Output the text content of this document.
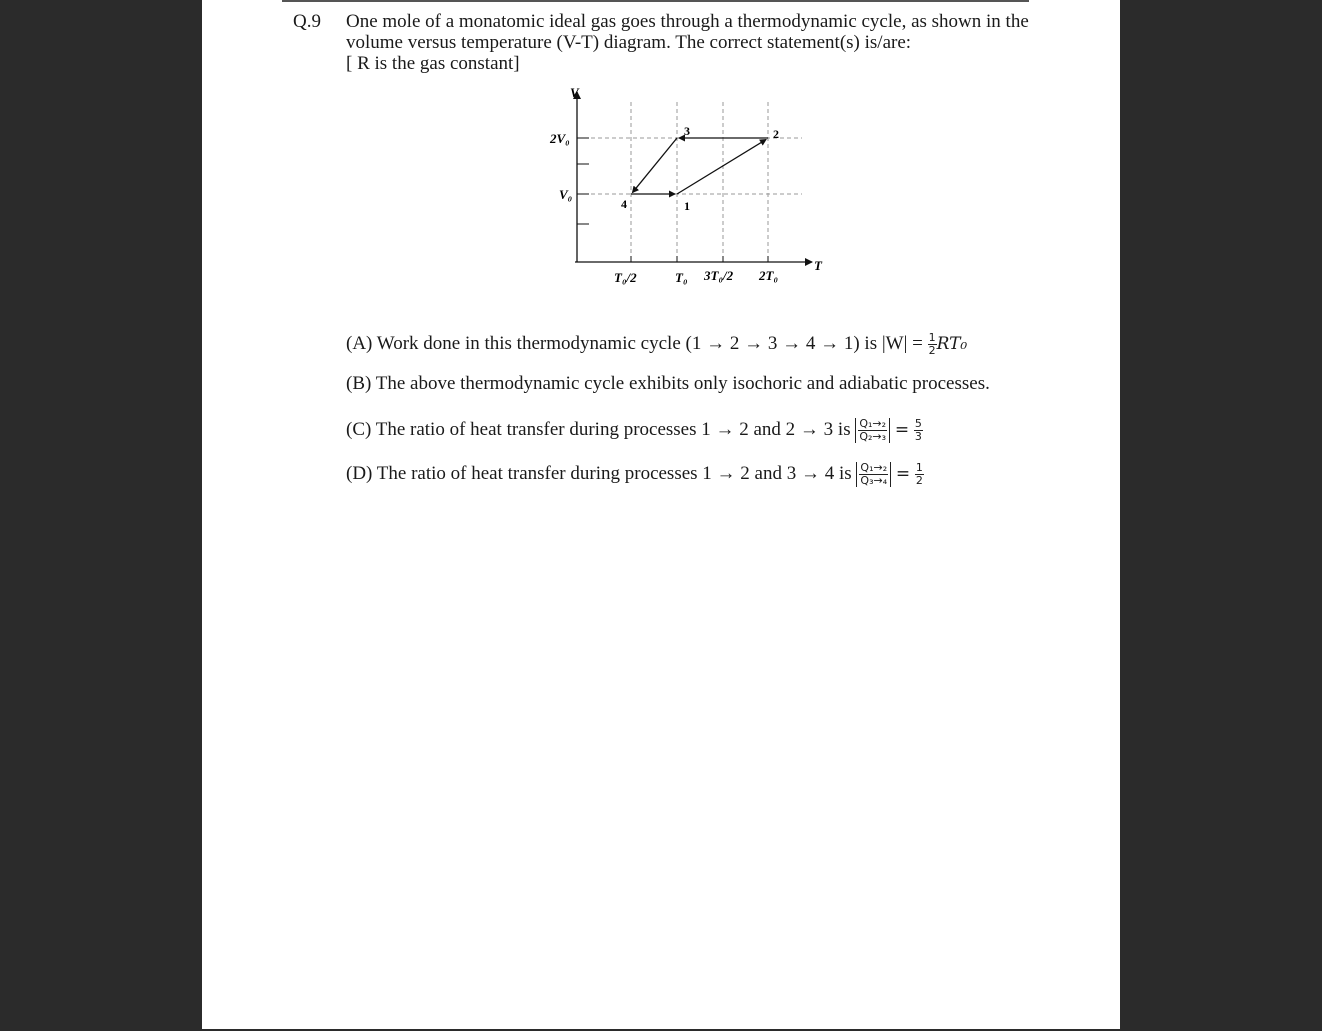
Q.9 One mole of a monatomic ideal gas goes through a thermodynamic cycle, as shown in the

volume versus temperature (V-T) diagram. The correct statement(s) is/are:

[ R is the gas constant]

V
T
2V₀
V₀
T₀/2	T₀ 3T₀/2 2T₀
1
2
3
4
(A) Work done in this thermodynamic cycle (1 → 2 → 3 → 4 → 1) is $|W| = \frac{1}{2} RT_0$
(B) The above thermodynamic cycle exhibits only isochoric and adiabatic processes.
(C) The ratio of heat transfer during processes 1 → 2 and 2 → 3 is $\frac{\text{Q₁→₂}}{\text{Q₂→₃}} = \frac{5}{3}$
(D) The ratio of heat transfer during processes 1 → 2 and 3 → 4 is $\frac{\text{Q₁→₂}}{\text{Q₃→₄}} = \frac{1}{2}$
